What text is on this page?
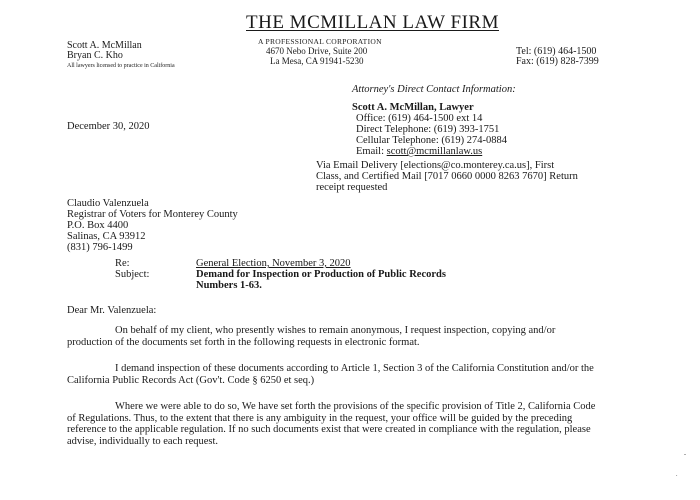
THE MCMILLAN LAW FIRM
A PROFESSIONAL CORPORATION
4670 Nebo Drive, Suite 200
La Mesa, CA 91941-5230
Scott A. McMillan
Bryan C. Kho
All lawyers licensed to practice in California
Tel: (619) 464-1500
Fax: (619) 828-7399
Attorney's Direct Contact Information:
Scott A. McMillan, Lawyer
Office: (619) 464-1500 ext 14
Direct Telephone: (619) 393-1751
Cellular Telephone: (619) 274-0884
Email: scott@mcmillanlaw.us
December 30, 2020
Via Email Delivery [elections@co.monterey.ca.us], First
Class, and Certified Mail [7017 0660 0000 8263 7670] Return
receipt requested
Claudio Valenzuela
Registrar of Voters for Monterey County
P.O. Box 4400
Salinas, CA 93912
(831) 796-1499
Re:	General Election, November 3, 2020
Subject:	Demand for Inspection or Production of Public Records
Numbers 1-63.
Dear Mr. Valenzuela:
On behalf of my client, who presently wishes to remain anonymous, I request inspection, copying and/or production of the documents set forth in the following requests in electronic format.
I demand inspection of these documents according to Article 1, Section 3 of the California Constitution and/or the California Public Records Act (Gov't. Code § 6250 et seq.)
Where we were able to do so, We have set forth the provisions of the specific provision of Title 2, California Code of Regulations. Thus, to the extent that there is any ambiguity in the request, your office will be guided by the preceding reference to the applicable regulation. If no such documents exist that were created in compliance with the regulation, please advise, individually to each request.
-
.
